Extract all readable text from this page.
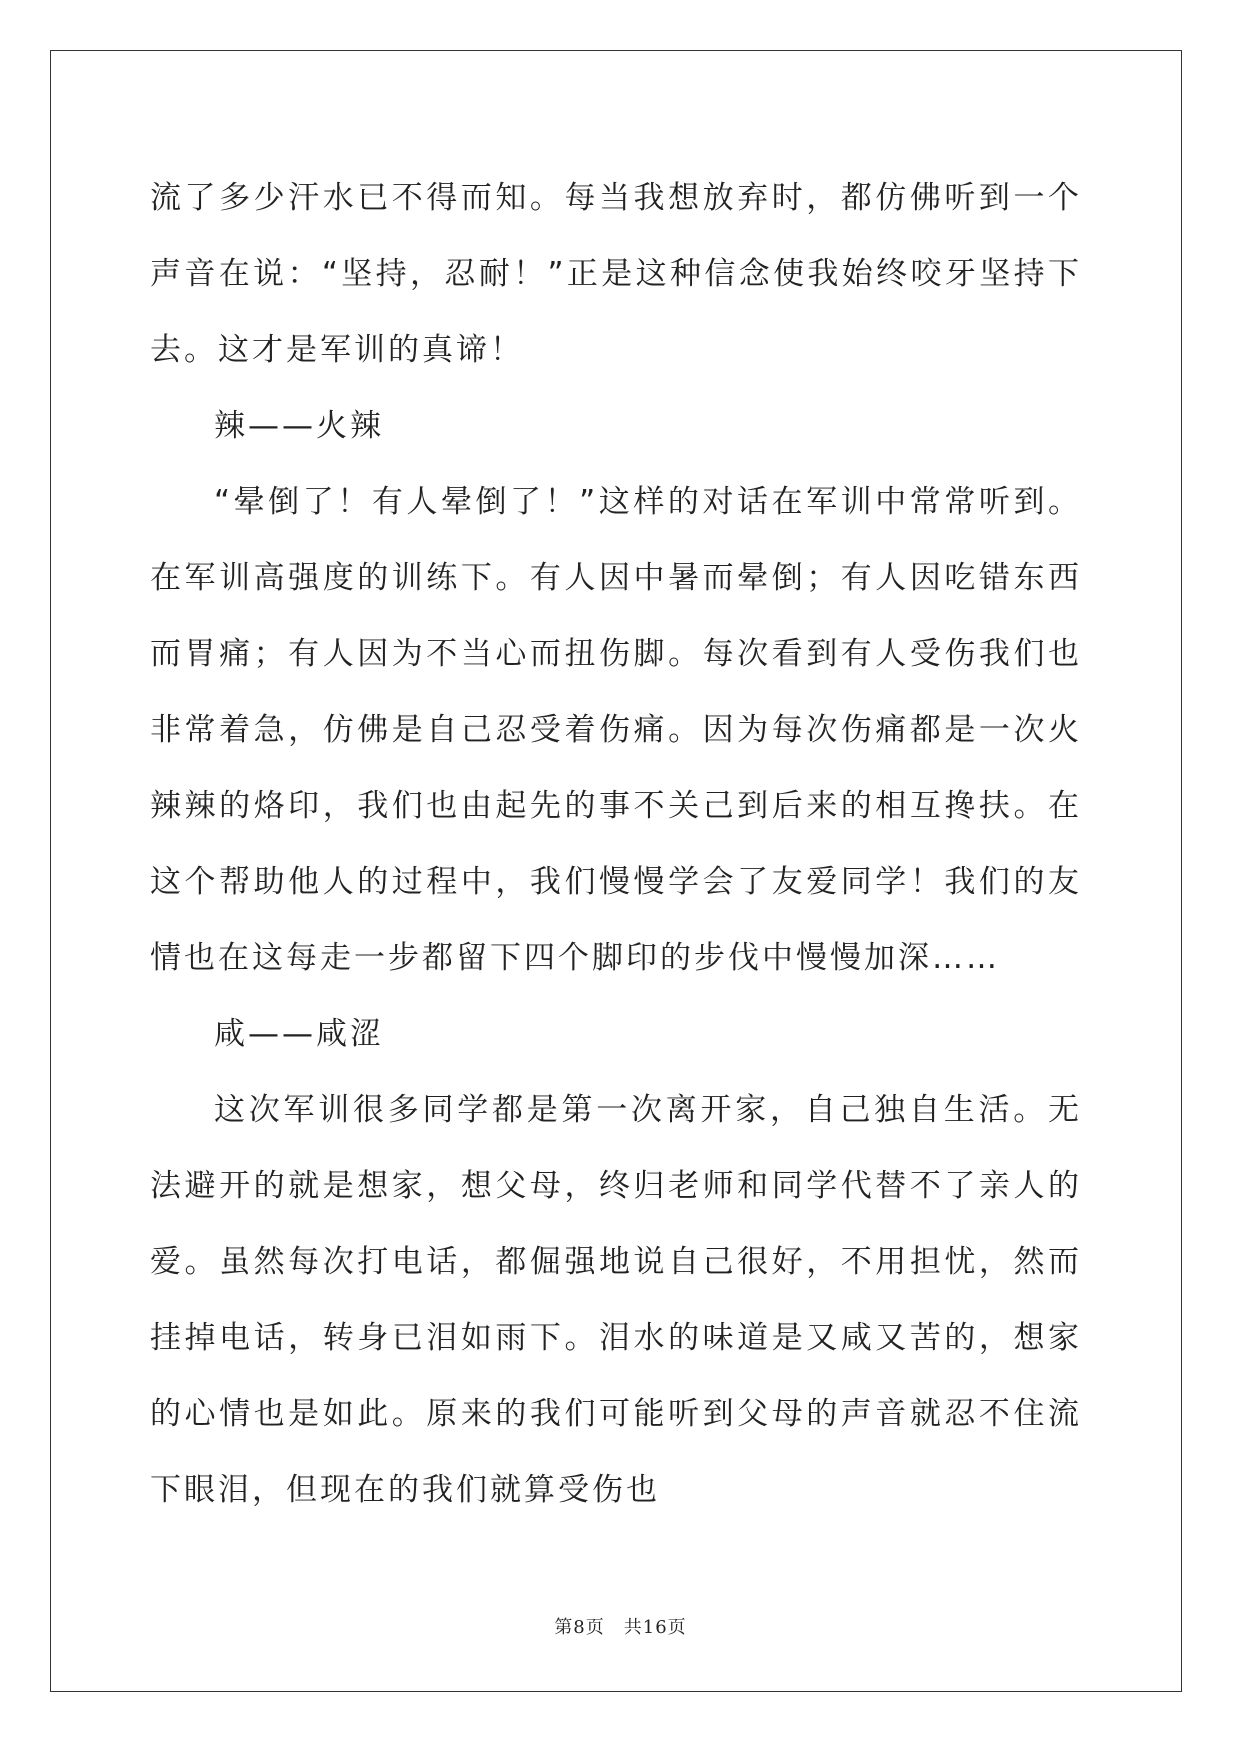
流了多少汗水已不得而知。每当我想放弃时，都仿佛听到一个声音在说：“坚持，忍耐！”正是这种信念使我始终咬牙坚持下去。这才是军训的真谛！

辣——火辣

“晕倒了！有人晕倒了！”这样的对话在军训中常常听到。在军训高强度的训练下。有人因中暑而晕倒；有人因吃错东西而胃痛；有人因为不当心而扭伤脚。每次看到有人受伤我们也非常着急，仿佛是自己忍受着伤痛。因为每次伤痛都是一次火辣辣的烙印，我们也由起先的事不关己到后来的相互搀扶。在这个帮助他人的过程中，我们慢慢学会了友爱同学！我们的友情也在这每走一步都留下四个脚印的步伐中慢慢加深……

咸——咸涩

这次军训很多同学都是第一次离开家，自己独自生活。无法避开的就是想家，想父母，终归老师和同学代替不了亲人的爱。虽然每次打电话，都倔强地说自己很好，不用担忧，然而挂掉电话，转身已泪如雨下。泪水的味道是又咸又苦的，想家的心情也是如此。原来的我们可能听到父母的声音就忍不住流下眼泪，但现在的我们就算受伤也

第8页　共16页
